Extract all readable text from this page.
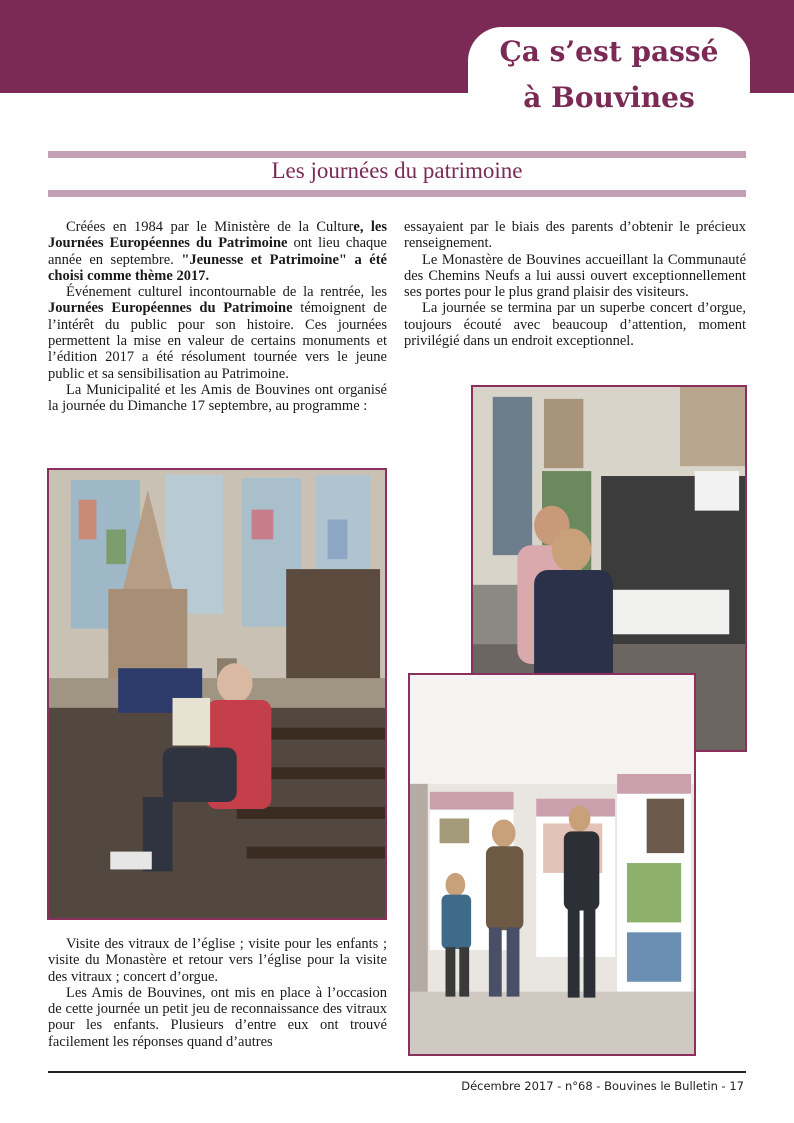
Ça s’est passé
à Bouvines
Les journées du patrimoine

Créées en 1984 par le Ministère de la Culture, les Journées Européennes du Patrimoine ont lieu chaque année en septembre. "Jeunesse et Patrimoine" a été choisi comme thème 2017.

Événement culturel incontournable de la rentrée, les Journées Européennes du Patrimoine témoignent de l’intérêt du public pour son histoire. Ces journées permettent la mise en valeur de certains monuments et l’édition 2017 a été résolument tournée vers le jeune public et sa sensibilisation au Patrimoine.

La Municipalité et les Amis de Bouvines ont organisé la journée du Dimanche 17 septembre, au programme :

Visite des vitraux de l’église ; visite pour les enfants ; visite du Monastère et retour vers l’église pour la visite des vitraux ; concert d’orgue.

Les Amis de Bouvines, ont mis en place à l’occasion de cette journée un petit jeu de reconnaissance des vitraux pour les enfants. Plusieurs d’entre eux ont trouvé facilement les réponses quand d’autres

essayaient par le biais des parents d’obtenir le précieux renseignement.

Le Monastère de Bouvines accueillant la Communauté des Chemins Neufs a lui aussi ouvert exceptionnellement ses portes pour le plus grand plaisir des visiteurs.

La journée se termina par un superbe concert d’orgue, toujours écouté avec beaucoup d’attention, moment privilégié dans un endroit exceptionnel.

Décembre 2017 - n°68 - Bouvines le Bulletin - 17
